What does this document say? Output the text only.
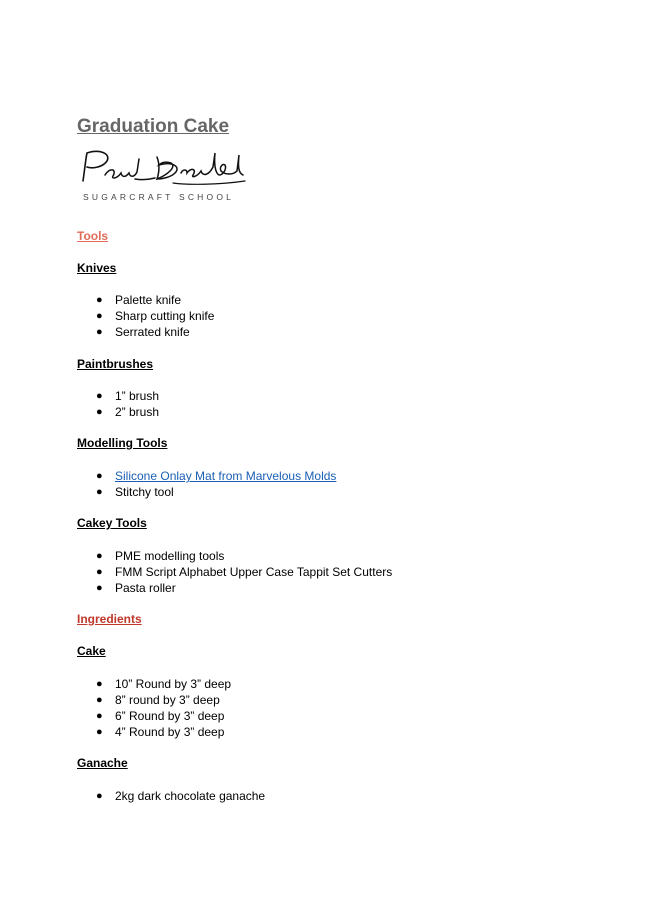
Graduation Cake
SUGARCRAFT SCHOOL
Tools
Knives
● Palette knife
● Sharp cutting knife
● Serrated knife
Paintbrushes
● 1” brush
● 2” brush
Modelling Tools
● Silicone Onlay Mat from Marvelous Molds
● Stitchy tool
Cakey Tools
● PME modelling tools
● FMM Script Alphabet Upper Case Tappit Set Cutters
● Pasta roller
Ingredients
Cake
● 10” Round by 3” deep
● 8” round by 3” deep
● 6” Round by 3” deep
● 4” Round by 3” deep
Ganache
● 2kg dark chocolate ganache
